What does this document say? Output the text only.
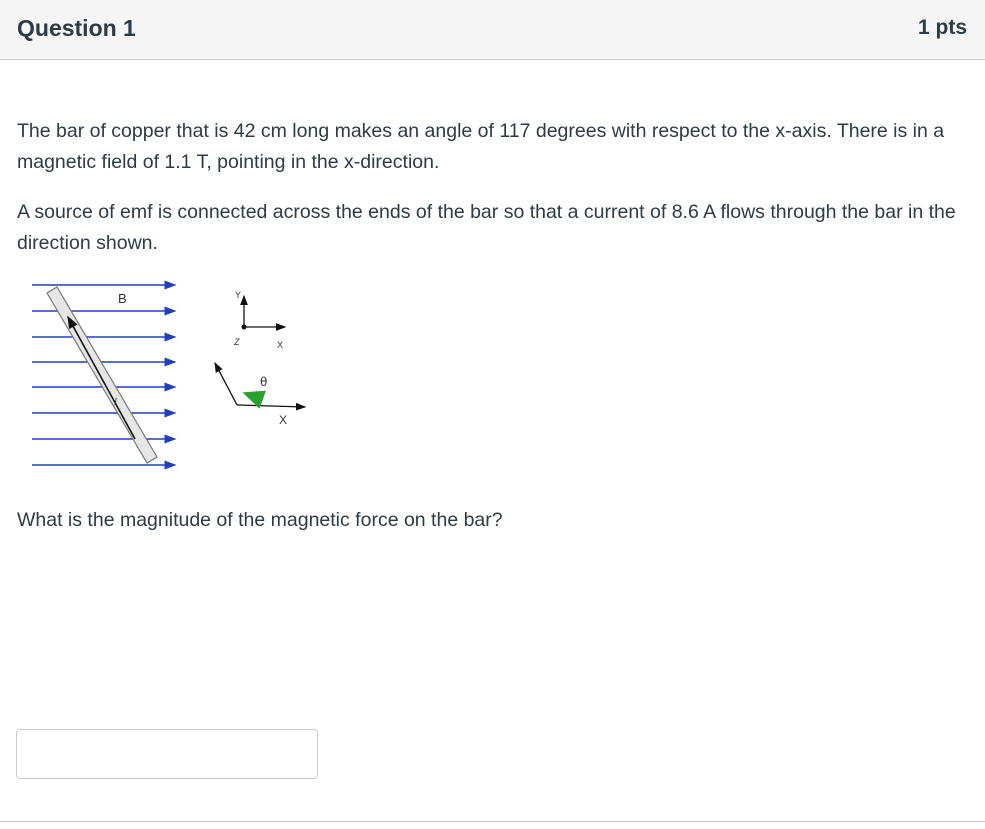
Question 1	1 pts
The bar of copper that is 42 cm long makes an angle of 117 degrees with respect to the x-axis. There is in a magnetic field of 1.1 T, pointing in the x-direction.
A source of emf is connected across the ends of the bar so that a current of 8.6 A flows through the bar in the direction shown.
B
I
Y
Z	X
θ
X
What is the magnitude of the magnetic force on the bar?
